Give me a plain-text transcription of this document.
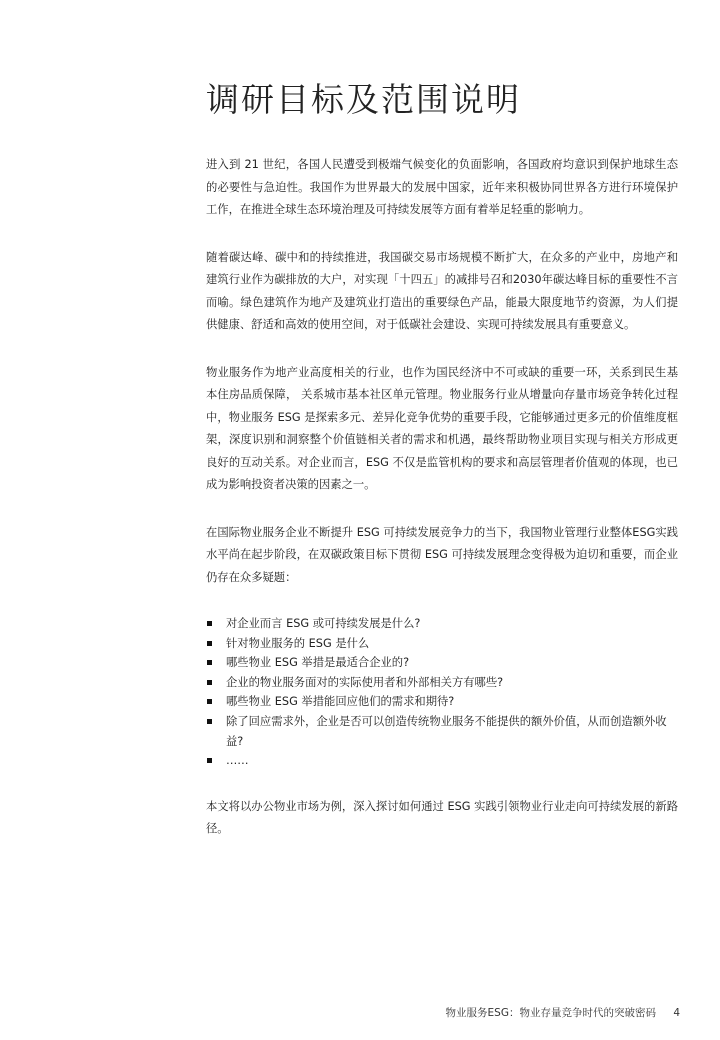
调研目标及范围说明

进入到 21 世纪，各国人民遭受到极端气候变化的负面影响，各国政府均意识到保护地球生态的必要性与急迫性。我国作为世界最大的发展中国家，近年来积极协同世界各方进行环境保护工作，在推进全球生态环境治理及可持续发展等方面有着举足轻重的影响力。

随着碳达峰、碳中和的持续推进，我国碳交易市场规模不断扩大，在众多的产业中，房地产和建筑行业作为碳排放的大户，对实现「十四五」的减排号召和2030年碳达峰目标的重要性不言而喻。绿色建筑作为地产及建筑业打造出的重要绿色产品，能最大限度地节约资源，为人们提供健康、舒适和高效的使用空间，对于低碳社会建设、实现可持续发展具有重要意义。

物业服务作为地产业高度相关的行业，也作为国民经济中不可或缺的重要一环，关系到民生基本住房品质保障， 关系城市基本社区单元管理。物业服务行业从增量向存量市场竞争转化过程中，物业服务 ESG 是探索多元、差异化竞争优势的重要手段，它能够通过更多元的价值维度框架，深度识别和洞察整个价值链相关者的需求和机遇，最终帮助物业项目实现与相关方形成更良好的互动关系。对企业而言，ESG 不仅是监管机构的要求和高层管理者价值观的体现，也已成为影响投资者决策的因素之一。

在国际物业服务企业不断提升 ESG 可持续发展竞争力的当下，我国物业管理行业整体ESG实践水平尚在起步阶段，在双碳政策目标下贯彻 ESG 可持续发展理念变得极为迫切和重要，而企业仍存在众多疑题：

对企业而言 ESG 或可持续发展是什么?
针对物业服务的 ESG 是什么
哪些物业 ESG 举措是最适合企业的?
企业的物业服务面对的实际使用者和外部相关方有哪些?
哪些物业 ESG 举措能回应他们的需求和期待?
除了回应需求外，企业是否可以创造传统物业服务不能提供的额外价值，从而创造额外收益?
……

本文将以办公物业市场为例，深入探讨如何通过 ESG 实践引领物业行业走向可持续发展的新路径。

物业服务ESG：物业存量竞争时代的突破密码 4
